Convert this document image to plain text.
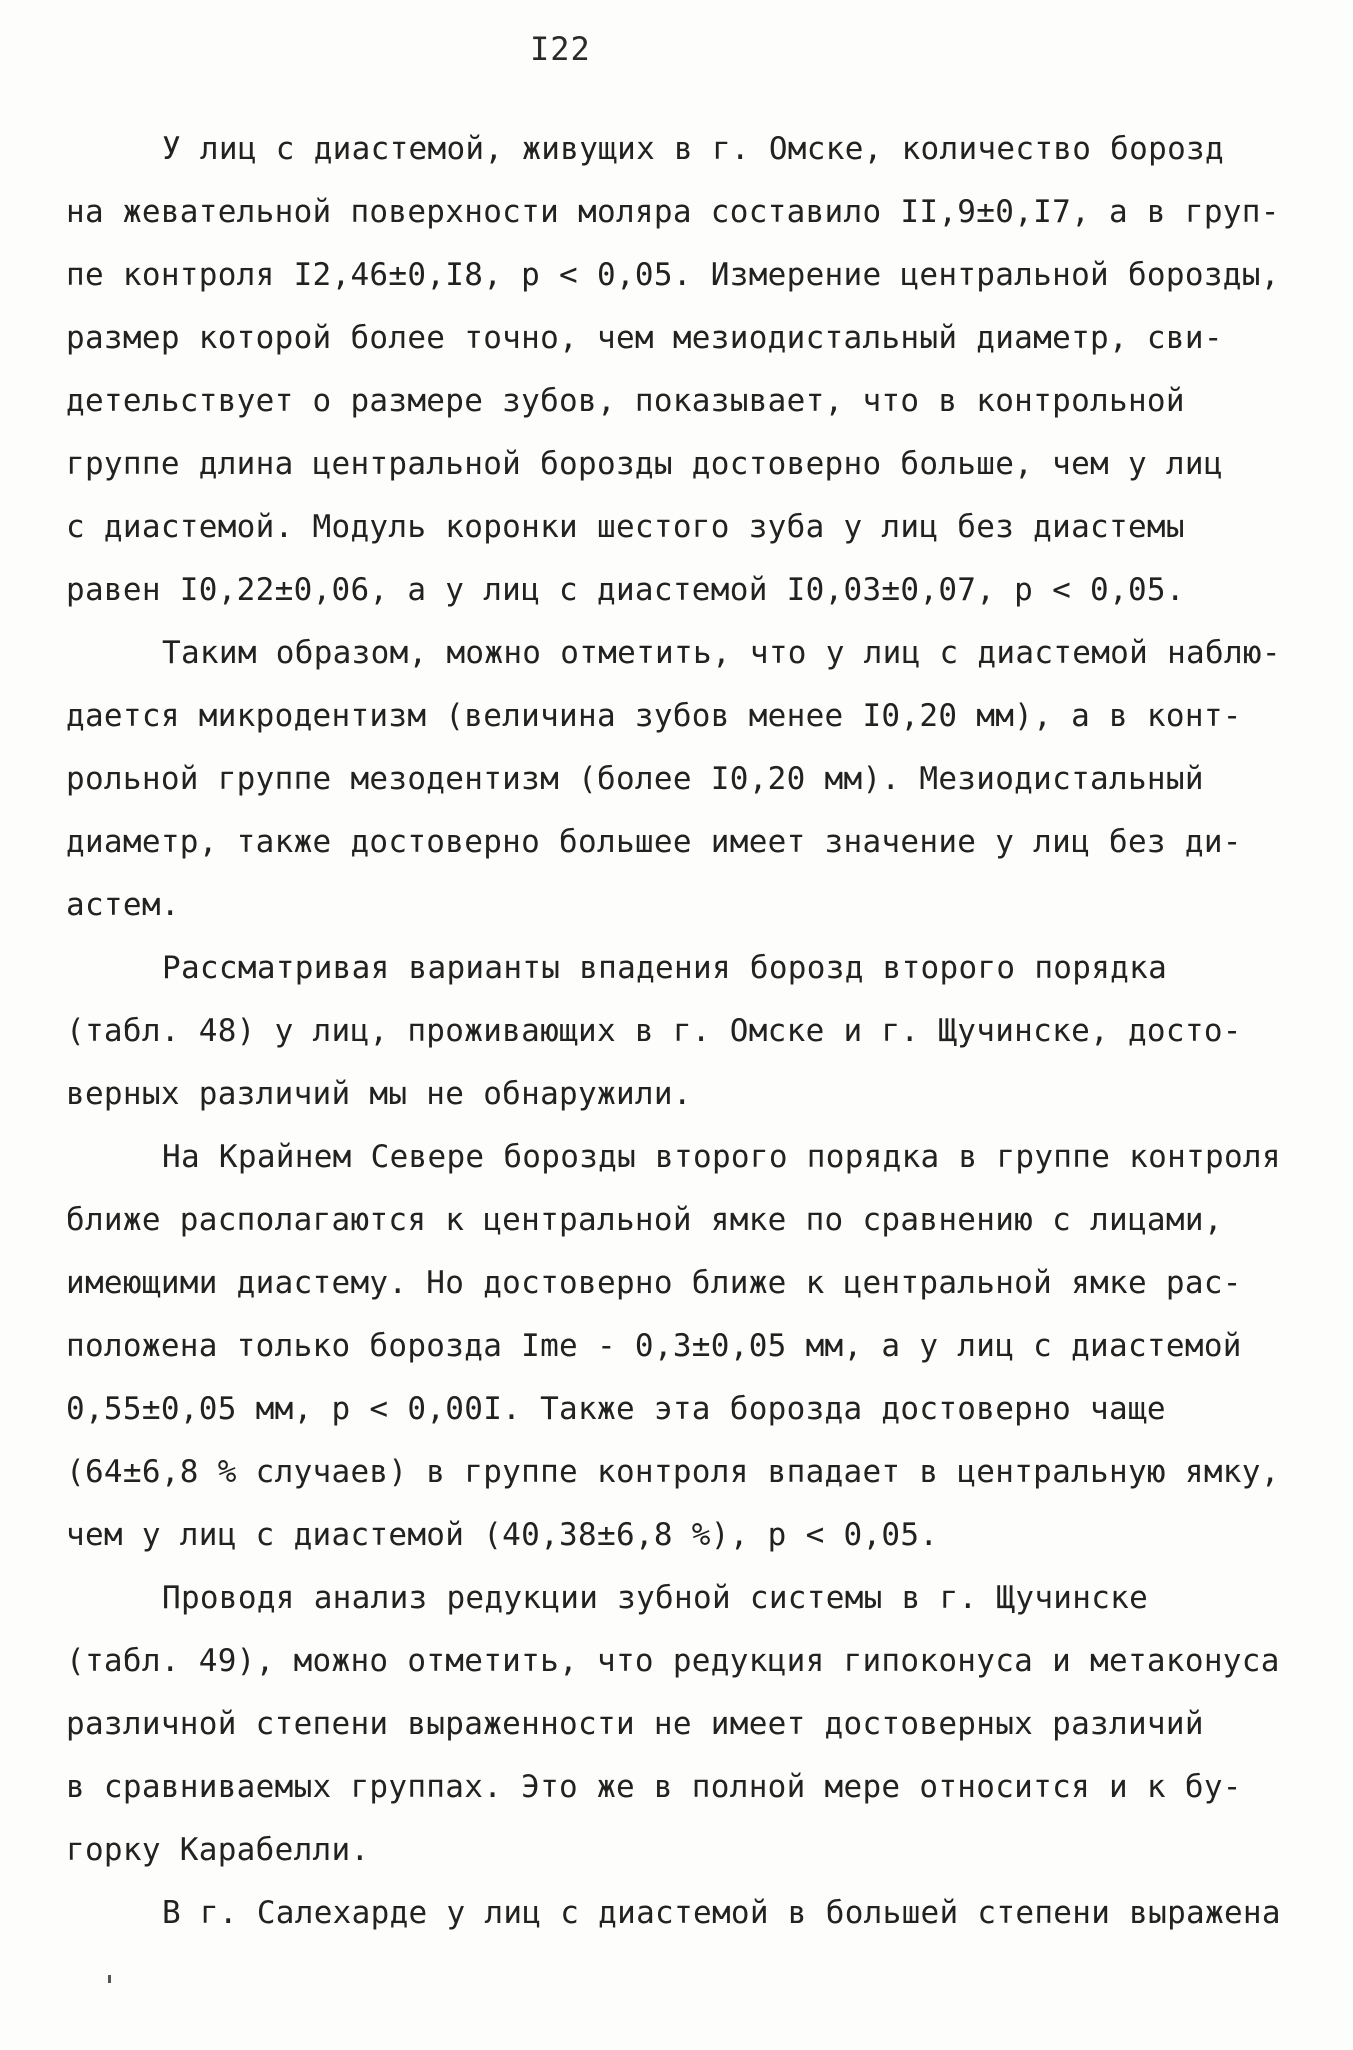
I22
У лиц с диастемой, живущих в г. Омске, количество борозд
на жевательной поверхности моляра составило II,9±0,I7, а в груп-
пе контроля I2,46±0,I8, р < 0,05. Измерение центральной борозды,
размер которой более точно, чем мезиодистальный диаметр, сви-
детельствует о размере зубов, показывает, что в контрольной
группе длина центральной борозды достоверно больше, чем у лиц
с диастемой. Модуль коронки шестого зуба у лиц без диастемы
равен I0,22±0,06, а у лиц с диастемой I0,03±0,07, р < 0,05.
Таким образом, можно отметить, что у лиц с диастемой наблю-
дается микродентизм (величина зубов менее I0,20 мм), а в конт-
рольной группе мезодентизм (более I0,20 мм). Мезиодистальный
диаметр, также достоверно большее имеет значение у лиц без ди-
астем.
Рассматривая варианты впадения борозд второго порядка
(табл. 48) у лиц, проживающих в г. Омске и г. Щучинске, досто-
верных различий мы не обнаружили.
На Крайнем Севере борозды второго порядка в группе контроля
ближе располагаются к центральной ямке по сравнению с лицами,
имеющими диастему. Но достоверно ближе к центральной ямке рас-
положена только борозда Ime - 0,3±0,05 мм, а у лиц с диастемой
0,55±0,05 мм, р < 0,00I. Также эта борозда достоверно чаще
(64±6,8 % случаев) в группе контроля впадает в центральную ямку,
чем у лиц с диастемой (40,38±6,8 %), р < 0,05.
Проводя анализ редукции зубной системы в г. Щучинске
(табл. 49), можно отметить, что редукция гипоконуса и метаконуса
различной степени выраженности не имеет достоверных различий
в сравниваемых группах. Это же в полной мере относится и к бу-
горку Карабелли.
В г. Салехарде у лиц с диастемой в большей степени выражена
